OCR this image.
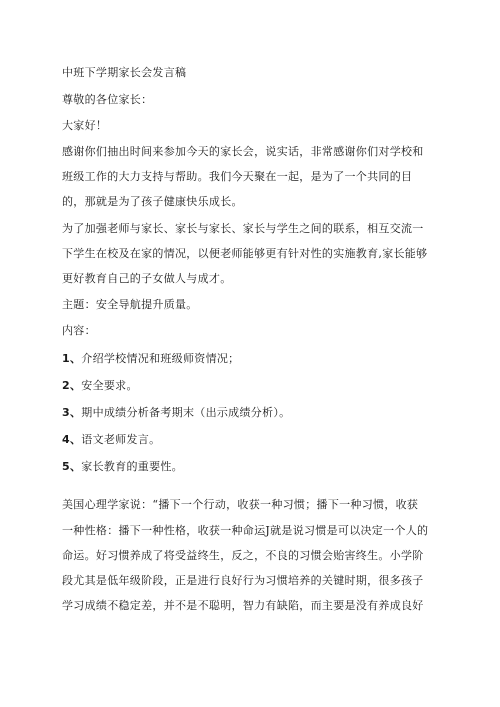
中班下学期家长会发言稿
尊敬的各位家长：
大家好！
感谢你们抽出时间来参加今天的家长会，说实话，非常感谢你们对学校和
班级工作的大力支持与帮助。我们今天聚在一起，是为了一个共同的目
的，那就是为了孩子健康快乐成长。
为了加强老师与家长、家长与家长、家长与学生之间的联系，相互交流一
下学生在校及在家的情况，以便老师能够更有针对性的实施教育,家长能够
更好教育自己的子女做人与成才。
主题：安全导航提升质量。
内容：
1、介绍学校情况和班级师资情况；
2、安全要求。
3、期中成绩分析备考期末（出示成绩分析）。
4、语文老师发言。
5、家长教育的重要性。
美国心理学家说：“播下一个行动，收获一种习惯；播下一种习惯，收获
一种性格：播下一种性格，收获一种命运J就是说习惯是可以决定一个人的
命运。好习惯养成了将受益终生，反之，不良的习惯会贻害终生。小学阶
段尤其是低年级阶段，正是进行良好行为习惯培养的关键时期，很多孩子
学习成绩不稳定差，并不是不聪明，智力有缺陷，而主要是没有养成良好
